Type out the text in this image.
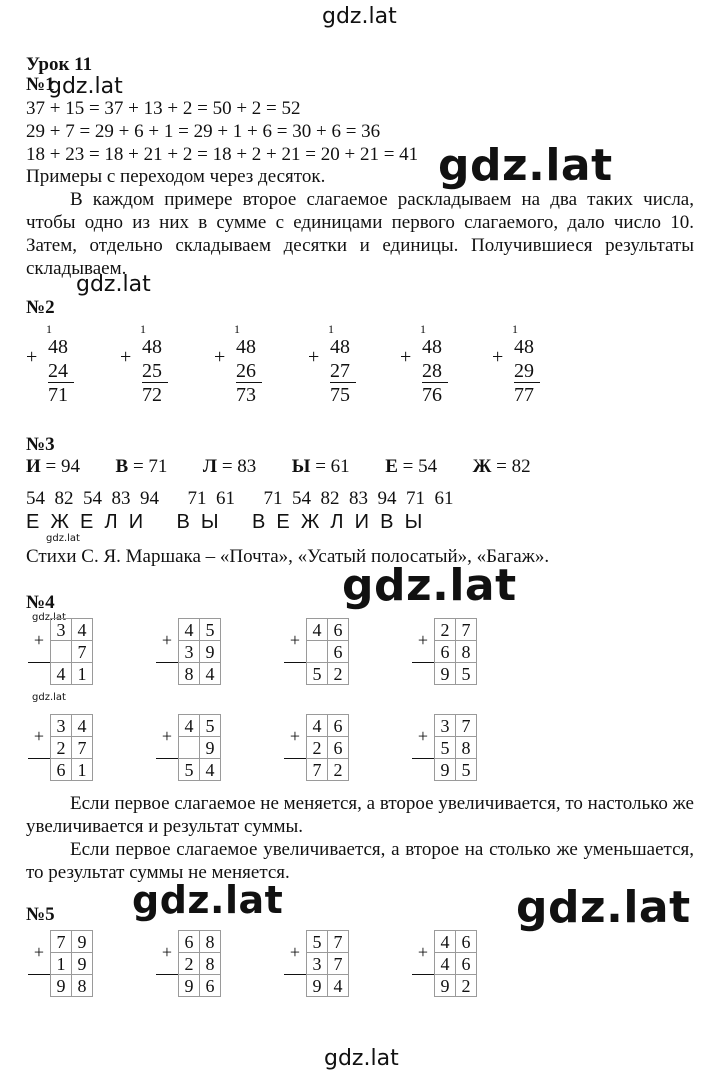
gdz.lat
gdz.lat
gdz.lat
gdz.lat
gdz.lat
gdz.lat
gdz.lat
gdz.lat
gdz.lat	gdz.lat
gdz.lat
Урок 11
№1
37 + 15 = 37 + 13 + 2 = 50 + 2 = 52
29 + 7 = 29 + 6 + 1 = 29 + 1 + 6 = 30 + 6 = 36
18 + 23 = 18 + 21 + 2 = 18 + 2 + 21 = 20 + 21 = 41
Примеры с переходом через десяток.
В каждом примере второе слагаемое раскладываем на два таких числа, чтобы одно из них в сумме с единицами первого слагаемого, дало число 10. Затем, отдельно складываем десятки и единицы. Получившиеся результаты складываем.
№2
1
+ 48
24
71
1
+ 48
25
72
1
+ 48
26
73
1
+ 48
27
75
1
+ 48
28
76
1
+ 48
29
77
№3
И = 94 В = 71 Л = 83 Ы = 61 Е = 54 Ж = 82
54  82  54  83  94      71  61      71  54  82  83  94  71  61
Е  Ж  Е  Л  И      В  Ы      В  Е  Ж  Л  И  В  Ы
Стихи С. Я. Маршака – «Почта», «Усатый полосатый», «Багаж».
№4
+	3	4
		7
	4	1
+	4	5
	3	9
	8	4
+	4	6
		6
	5	2
+	2	7
	6	8
	9	5
+	3	4
	2	7
	6	1
+	4	5
		9
	5	4
+	4	6
	2	6
	7	2
+	3	7
	5	8
	9	5
Если первое слагаемое не меняется, а второе увеличивается, то настолько же увеличивается и результат суммы.
Если первое слагаемое увеличивается, а второе на столько же уменьшается, то результат суммы не меняется.
№5
+	7	9
	1	9
	9	8
+	6	8
	2	8
	9	6
+	5	7
	3	7
	9	4
+	4	6
	4	6
	9	2
